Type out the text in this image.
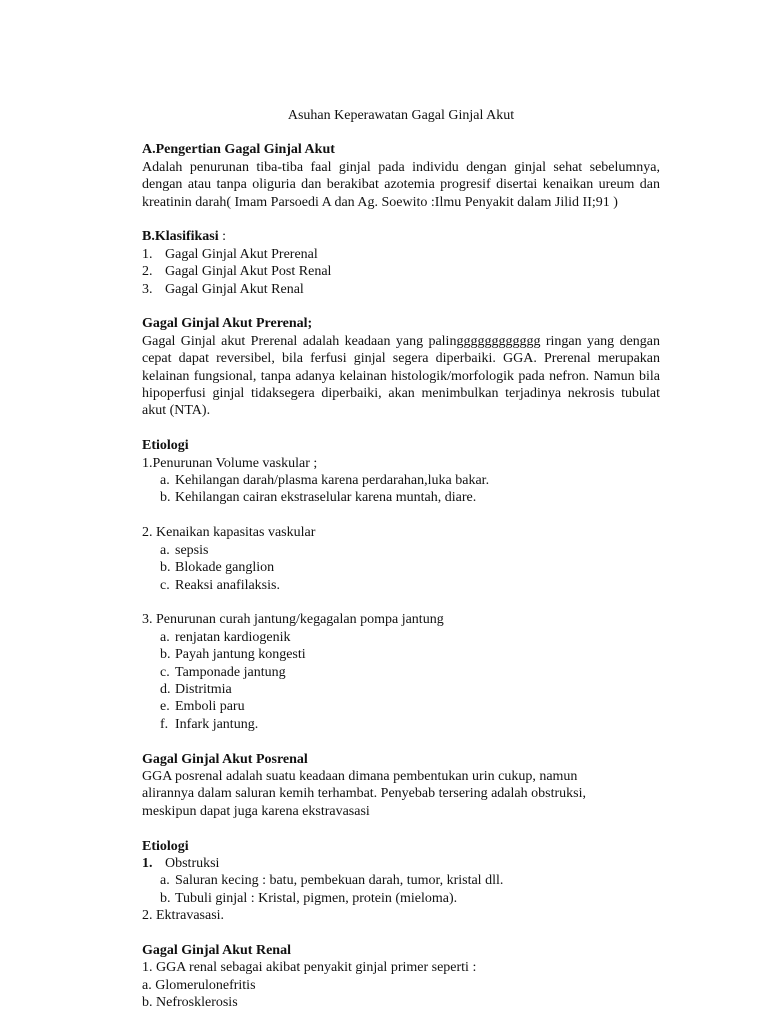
Asuhan Keperawatan Gagal Ginjal Akut
A.Pengertian Gagal Ginjal Akut

Adalah penurunan tiba-tiba faal ginjal pada individu dengan ginjal sehat sebelumnya, dengan atau tanpa oliguria dan berakibat azotemia progresif disertai kenaikan ureum dan kreatinin darah( Imam Parsoedi A dan Ag. Soewito :Ilmu Penyakit dalam Jilid II;91 )

B.Klasifikasi :
1. Gagal Ginjal Akut Prerenal
2. Gagal Ginjal Akut Post Renal
3. Gagal Ginjal Akut Renal
Gagal Ginjal Akut Prerenal;

Gagal Ginjal akut Prerenal adalah keadaan yang palingggggggggggg ringan yang dengan cepat dapat reversibel, bila ferfusi ginjal segera diperbaiki. GGA. Prerenal merupakan kelainan fungsional, tanpa adanya kelainan histologik/morfologik pada nefron. Namun bila hipoperfusi ginjal tidaksegera diperbaiki, akan menimbulkan terjadinya nekrosis tubulat akut (NTA).

Etiologi
1.Penurunan Volume vaskular ;
a. Kehilangan darah/plasma karena perdarahan,luka bakar.
b. Kehilangan cairan ekstraselular karena muntah, diare.
2. Kenaikan kapasitas vaskular
a. sepsis
b. Blokade ganglion
c. Reaksi anafilaksis.
3. Penurunan curah jantung/kegagalan pompa jantung
a. renjatan kardiogenik
b. Payah jantung kongesti
c. Tamponade jantung
d. Distritmia
e. Emboli paru
f. Infark jantung.
Gagal Ginjal Akut Posrenal
GGA posrenal adalah suatu keadaan dimana pembentukan urin cukup, namun
alirannya dalam saluran kemih terhambat. Penyebab tersering adalah obstruksi,
meskipun dapat juga karena ekstravasasi
Etiologi
1. Obstruksi
a. Saluran kecing : batu, pembekuan darah, tumor, kristal dll.
b. Tubuli ginjal : Kristal, pigmen, protein (mieloma).
2. Ektravasasi.
Gagal Ginjal Akut Renal
1. GGA renal sebagai akibat penyakit ginjal primer seperti :
a. Glomerulonefritis
b. Nefrosklerosis
